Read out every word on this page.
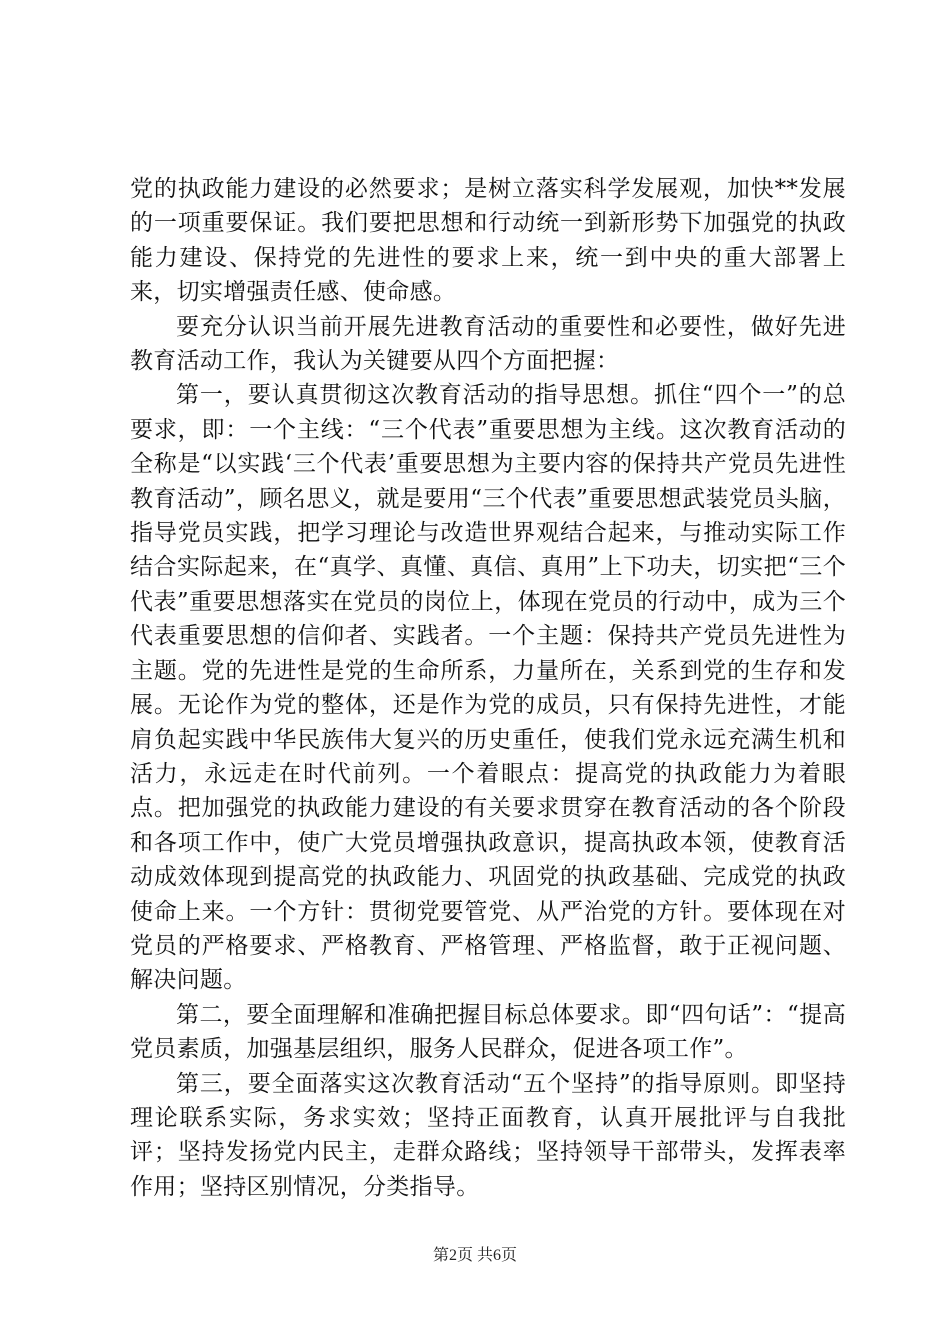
党的执政能力建设的必然要求；是树立落实科学发展观，加快**发展的一项重要保证。我们要把思想和行动统一到新形势下加强党的执政能力建设、保持党的先进性的要求上来，统一到中央的重大部署上来，切实增强责任感、使命感。

要充分认识当前开展先进教育活动的重要性和必要性，做好先进教育活动工作，我认为关键要从四个方面把握：

第一，要认真贯彻这次教育活动的指导思想。抓住“四个一”的总要求，即：一个主线：“三个代表”重要思想为主线。这次教育活动的全称是“以实践‘三个代表’重要思想为主要内容的保持共产党员先进性教育活动”，顾名思义，就是要用“三个代表”重要思想武装党员头脑，指导党员实践，把学习理论与改造世界观结合起来，与推动实际工作结合实际起来，在“真学、真懂、真信、真用”上下功夫，切实把“三个代表”重要思想落实在党员的岗位上，体现在党员的行动中，成为三个代表重要思想的信仰者、实践者。一个主题：保持共产党员先进性为主题。党的先进性是党的生命所系，力量所在，关系到党的生存和发展。无论作为党的整体，还是作为党的成员，只有保持先进性，才能肩负起实践中华民族伟大复兴的历史重任，使我们党永远充满生机和活力，永远走在时代前列。一个着眼点：提高党的执政能力为着眼点。把加强党的执政能力建设的有关要求贯穿在教育活动的各个阶段和各项工作中，使广大党员增强执政意识，提高执政本领，使教育活动成效体现到提高党的执政能力、巩固党的执政基础、完成党的执政使命上来。一个方针：贯彻党要管党、从严治党的方针。要体现在对党员的严格要求、严格教育、严格管理、严格监督，敢于正视问题、解决问题。

第二，要全面理解和准确把握目标总体要求。即“四句话”：“提高党员素质，加强基层组织，服务人民群众，促进各项工作”。

第三，要全面落实这次教育活动“五个坚持”的指导原则。即坚持理论联系实际，务求实效；坚持正面教育，认真开展批评与自我批评；坚持发扬党内民主，走群众路线；坚持领导干部带头，发挥表率作用；坚持区别情况，分类指导。

第2页 共6页
